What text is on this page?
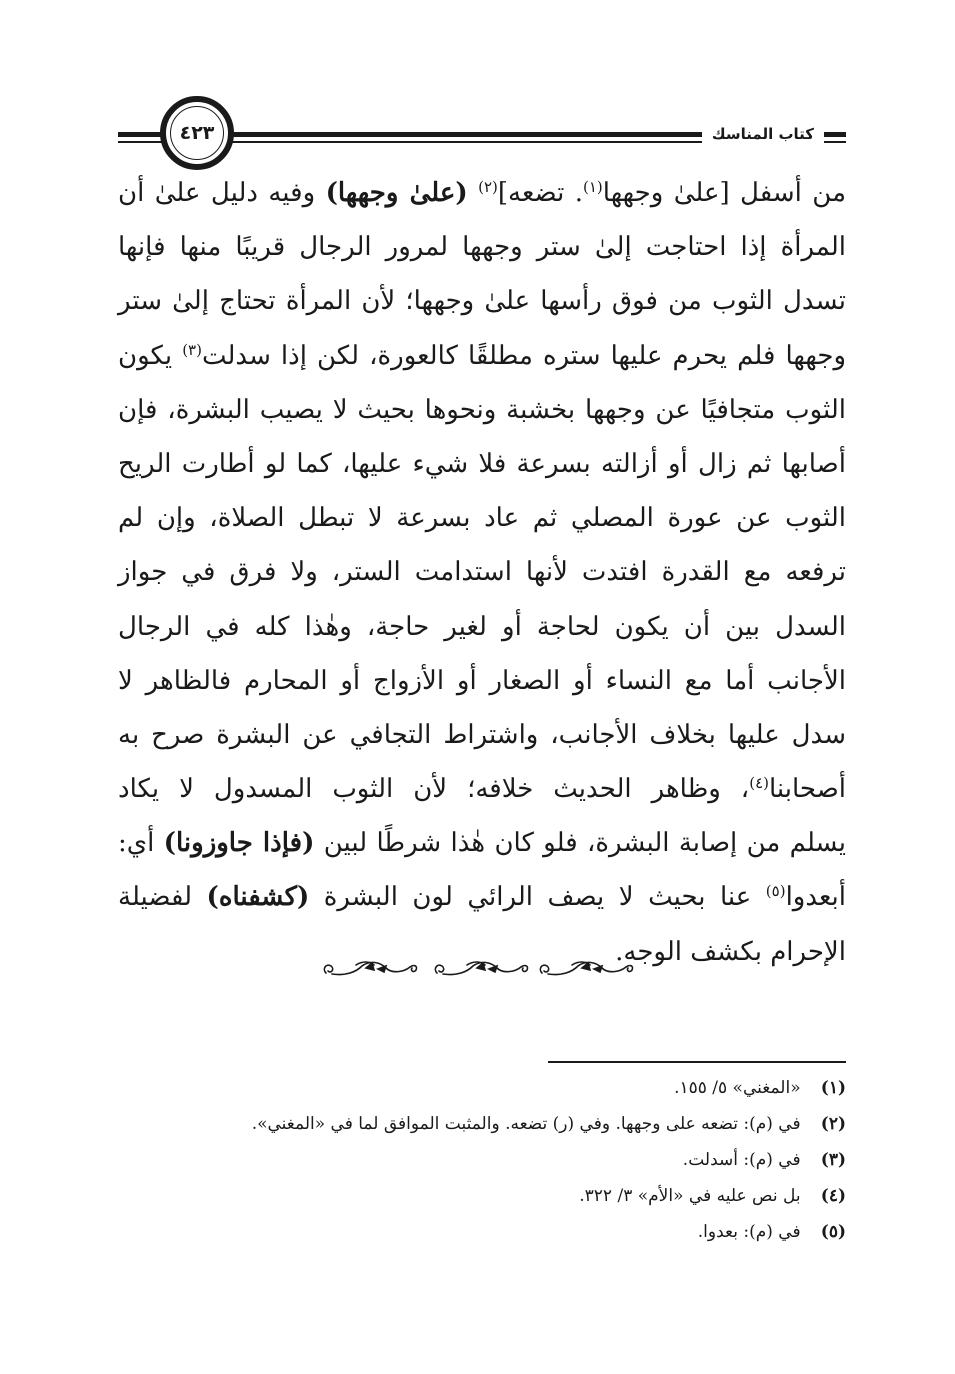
كتاب المناسك
٤٢٣
من أسفل [علىٰ وجهها$^{(١)}$. تضعه]$^{(٢)}$ (علىٰ وجهها) وفيه دليل علىٰ أن
المرأة إذا احتاجت إلىٰ ستر وجهها لمرور الرجال قريبًا منها فإنها
تسدل الثوب من فوق رأسها علىٰ وجهها؛ لأن المرأة تحتاج إلىٰ ستر
وجهها فلم يحرم عليها ستره مطلقًا كالعورة، لكن إذا سدلت$^{(٣)}$ يكون
الثوب متجافيًا عن وجهها بخشبة ونحوها بحيث لا يصيب البشرة، فإن
أصابها ثم زال أو أزالته بسرعة فلا شيء عليها، كما لو أطارت الريح
الثوب عن عورة المصلي ثم عاد بسرعة لا تبطل الصلاة، وإن لم
ترفعه مع القدرة افتدت لأنها استدامت الستر، ولا فرق في جواز
السدل بين أن يكون لحاجة أو لغير حاجة، وهٰذا كله في الرجال
الأجانب أما مع النساء أو الصغار أو الأزواج أو المحارم فالظاهر لا
سدل عليها بخلاف الأجانب، واشتراط التجافي عن البشرة صرح به
أصحابنا$^{(٤)}$، وظاهر الحديث خلافه؛ لأن الثوب المسدول لا يكاد
يسلم من إصابة البشرة، فلو كان هٰذا شرطًا لبين (فإذا جاوزونا) أي:
أبعدوا$^{(٥)}$ عنا بحيث لا يصف الرائي لون البشرة (كشفناه) لفضيلة
الإحرام بكشف الوجه.
(١) «المغني» ٥/ ١٥٥.
(٢) في (م): تضعه على وجهها. وفي (ر) تضعه. والمثبت الموافق لما في «المغني».
(٣) في (م): أسدلت.
(٤) بل نص عليه في «الأم» ٣/ ٣٢٢.
(٥) في (م): بعدوا.
